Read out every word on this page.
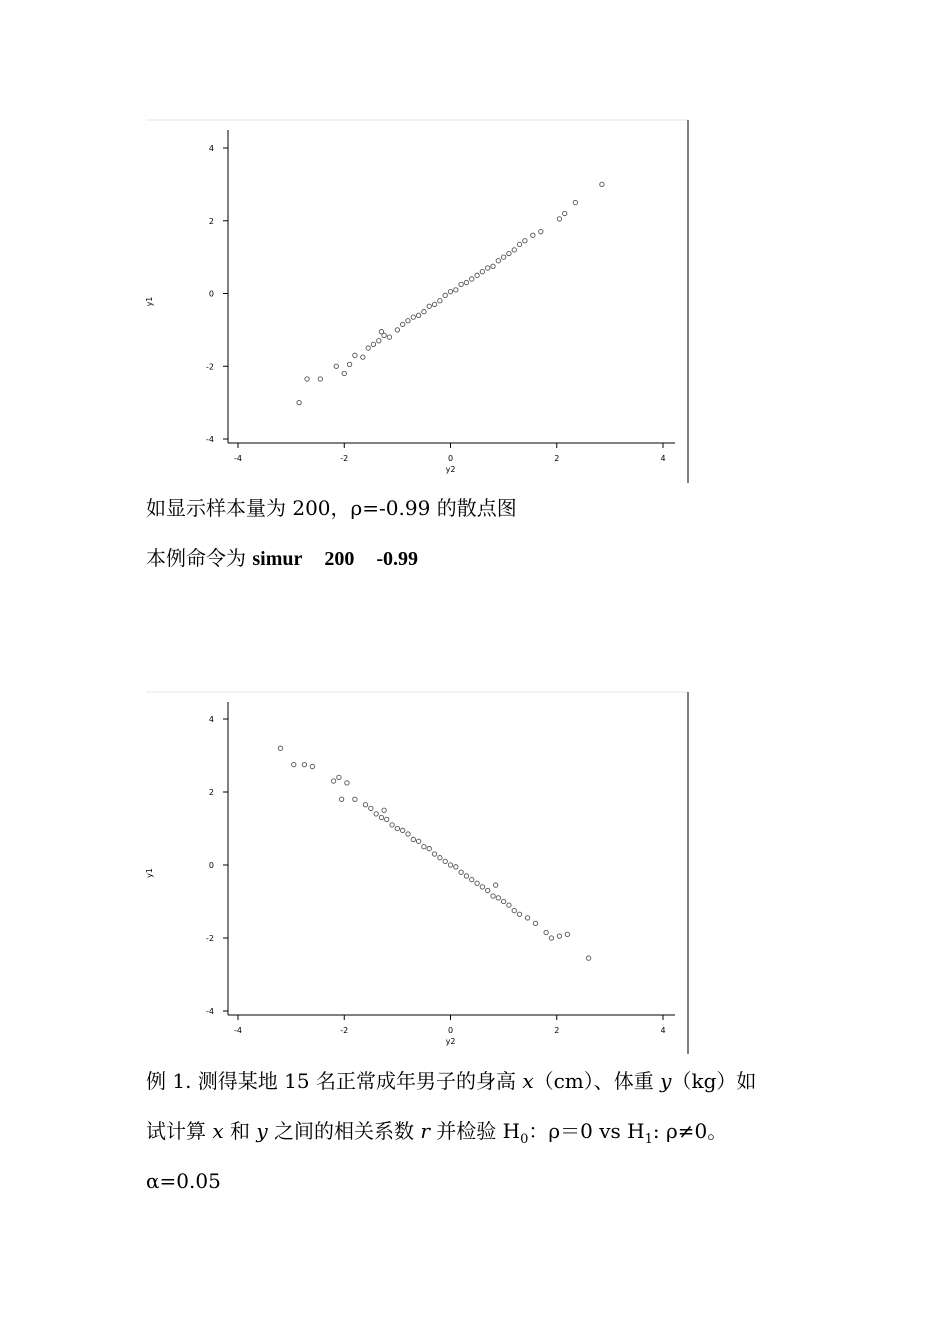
-4
-2
0
2
4
-4	-2	0	2	4
y2
y1
如显示样本量为 200，ρ=-0.99 的散点图
本例命令为 simur 200 -0.99
-4
-2
0
2
4
-4	-2	0	2	4
y2
y1
例 1. 测得某地 15 名正常成年男子的身高 x（cm）、体重 y（kg）如
试计算 x 和 y 之间的相关系数 r 并检验 $H_0$：ρ＝0 vs $H_1$: ρ≠0。
α=0.05
